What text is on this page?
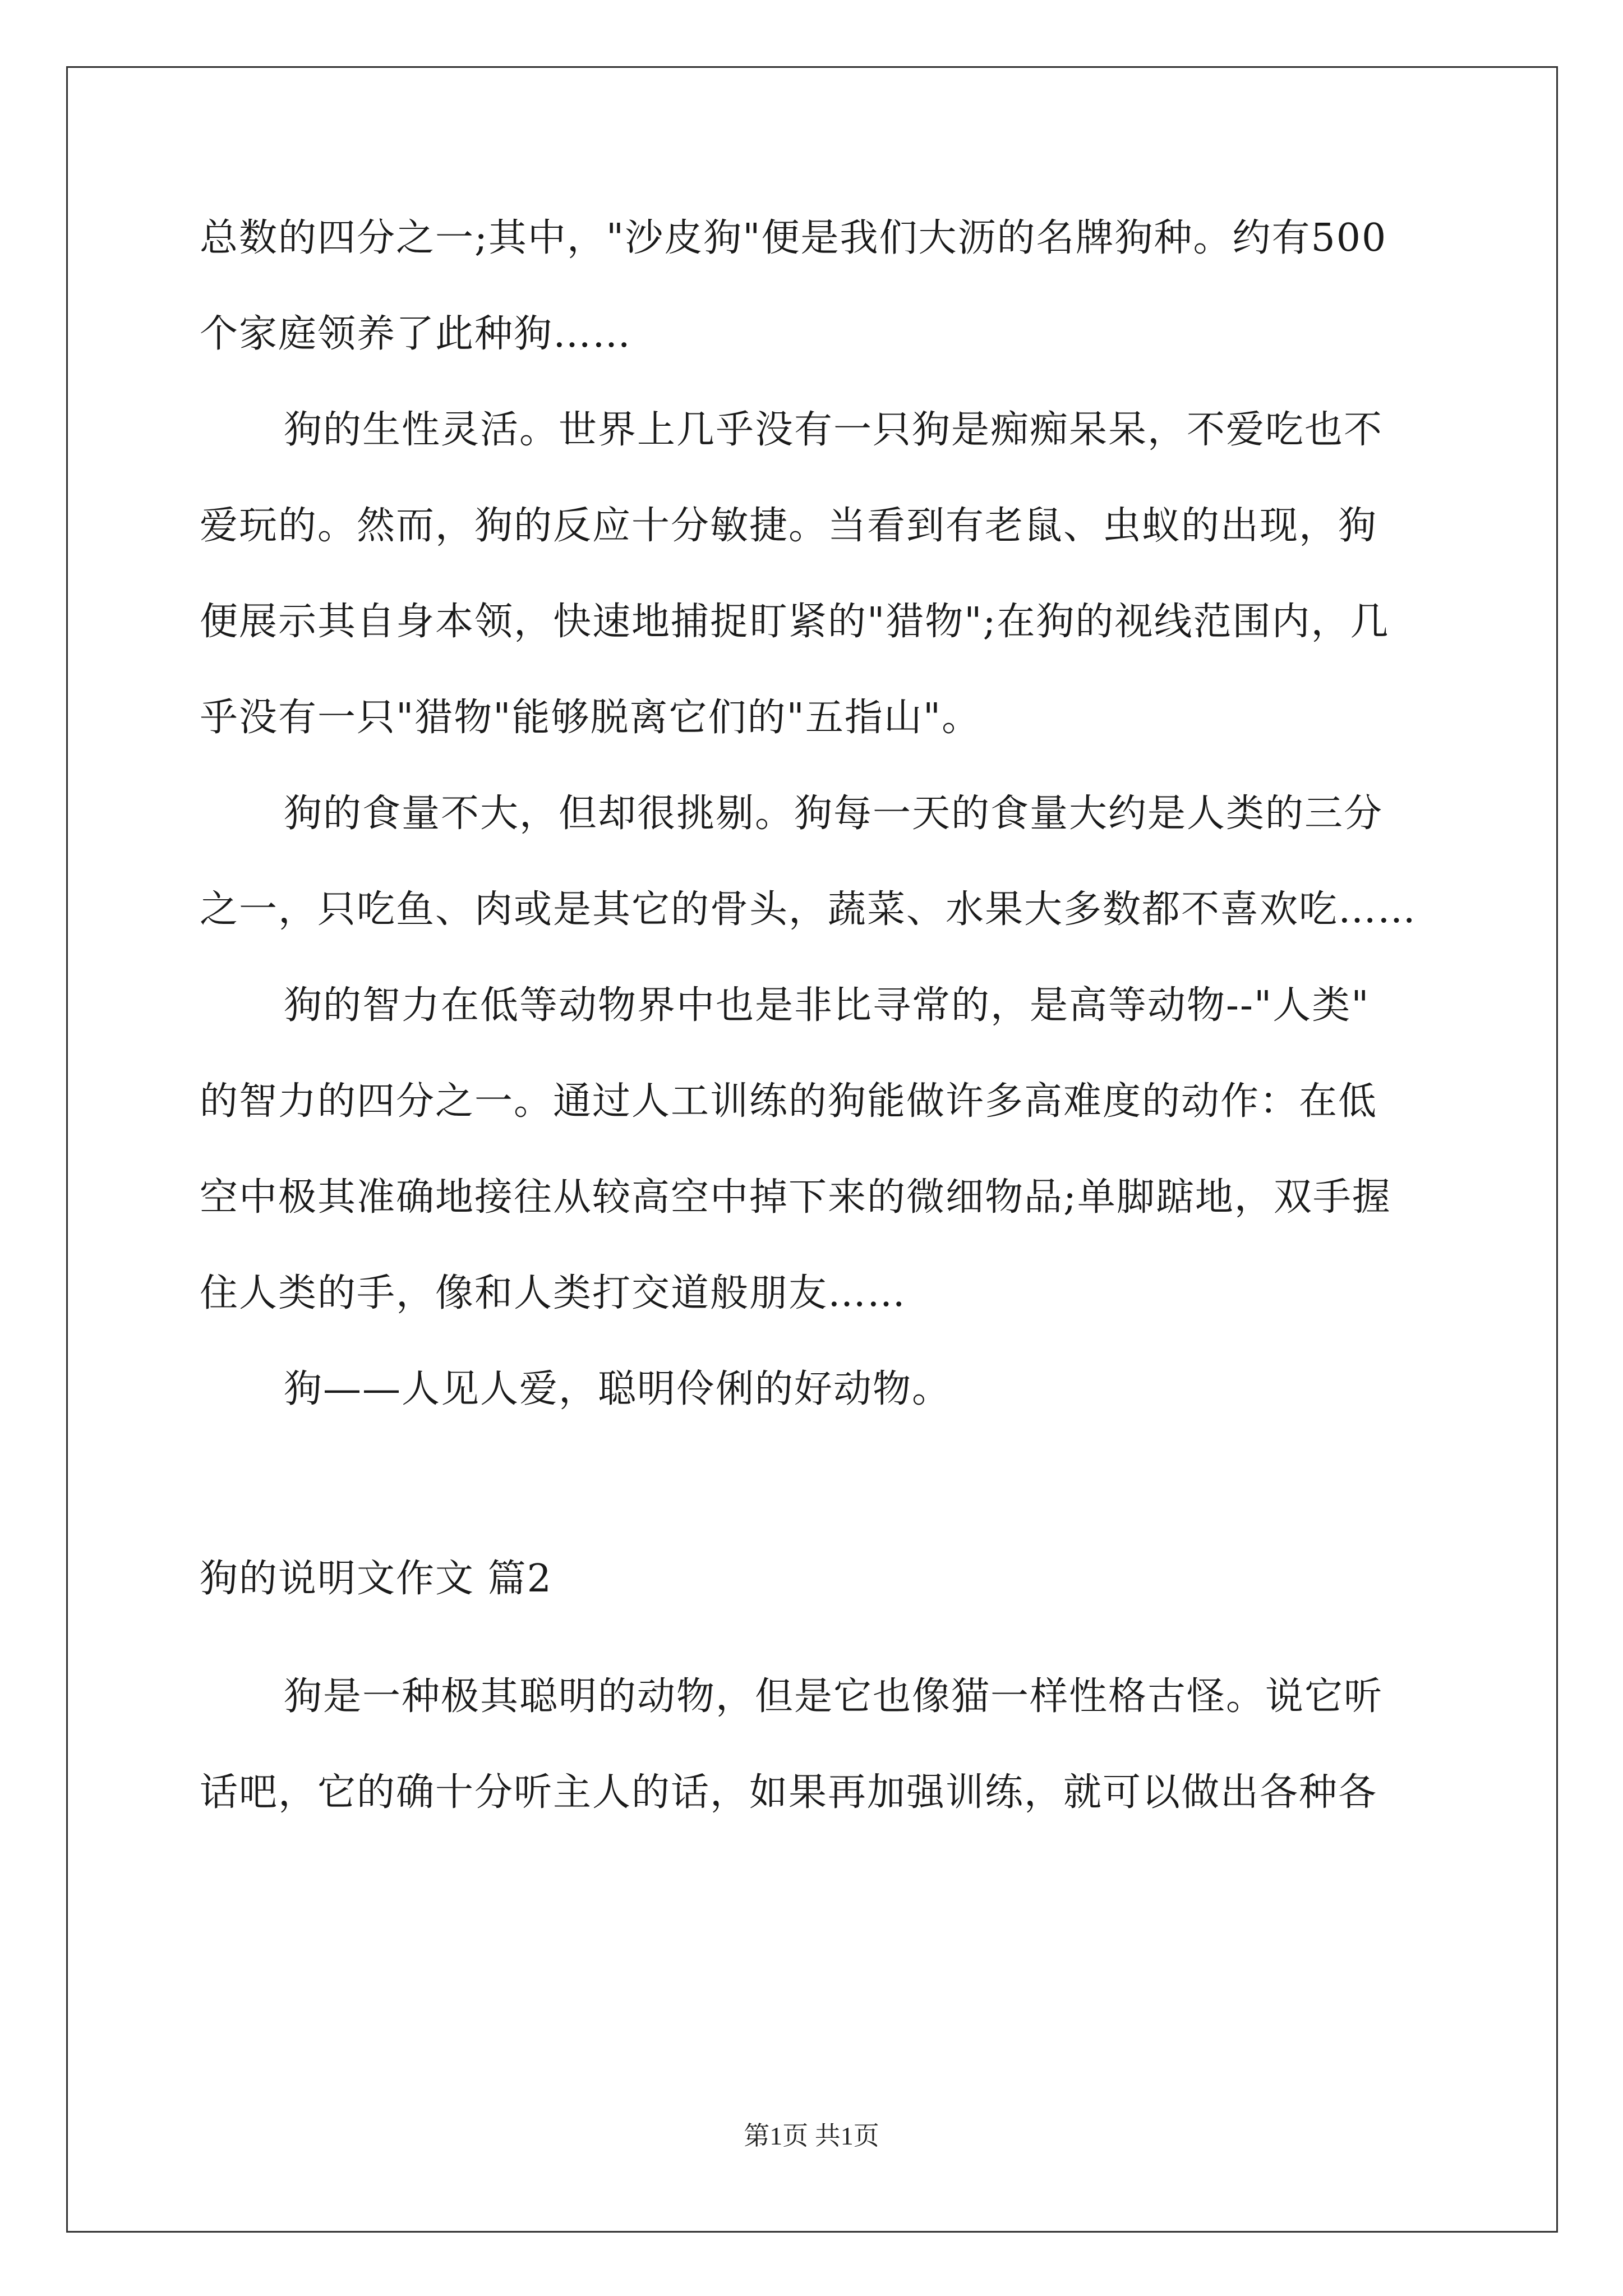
总数的四分之一;其中，"沙皮狗"便是我们大沥的名牌狗种。约有500
个家庭领养了此种狗……
狗的生性灵活。世界上几乎没有一只狗是痴痴呆呆，不爱吃也不
爱玩的。然而，狗的反应十分敏捷。当看到有老鼠、虫蚁的出现，狗
便展示其自身本领，快速地捕捉盯紧的"猎物";在狗的视线范围内，几
乎没有一只"猎物"能够脱离它们的"五指山"。
狗的食量不大，但却很挑剔。狗每一天的食量大约是人类的三分
之一，只吃鱼、肉或是其它的骨头，蔬菜、水果大多数都不喜欢吃……
狗的智力在低等动物界中也是非比寻常的，是高等动物--"人类"
的智力的四分之一。通过人工训练的狗能做许多高难度的动作：在低
空中极其准确地接往从较高空中掉下来的微细物品;单脚踮地，双手握
住人类的手，像和人类打交道般朋友……
狗——人见人爱，聪明伶俐的好动物。
狗的说明文作文 篇2
狗是一种极其聪明的动物，但是它也像猫一样性格古怪。说它听
话吧，它的确十分听主人的话，如果再加强训练，就可以做出各种各
第1页 共1页
